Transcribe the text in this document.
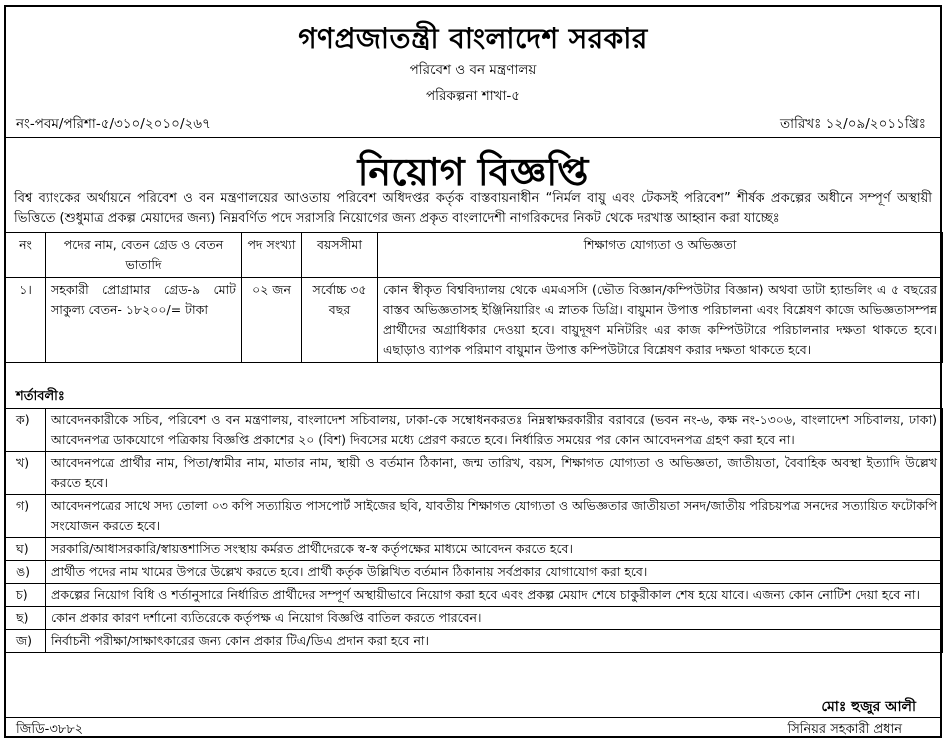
গণপ্রজাতন্ত্রী বাংলাদেশ সরকার
পরিবেশ ও বন মন্ত্রণালয়
পরিকল্পনা শাখা-৫
নং-পবম/পরিশা-৫/৩১০/২০১০/২৬৭	তারিখঃ ১২/০৯/২০১১খ্রিঃ
নিয়োগ বিজ্ঞপ্তি
বিশ্ব ব্যাংকের অর্থায়নে পরিবেশ ও বন মন্ত্রণালয়ের আওতায় পরিবেশ অধিদপ্তর কর্তৃক বাস্তবায়নাধীন “নির্মল বায়ু এবং টেকসই পরিবেশ” শীর্ষক প্রকল্পের অধীনে সম্পূর্ণ অস্থায়ী ভিত্তিতে (শুধুমাত্র প্রকল্প মেয়াদের জন্য) নিম্নবর্ণিত পদে সরাসরি নিয়োগের জন্য প্রকৃত বাংলাদেশী নাগরিকদের নিকট থেকে দরখাস্ত আহ্বান করা যাচ্ছেঃ
নং	পদের নাম, বেতন গ্রেড ও বেতন ভাতাদি	পদ সংখ্যা	বয়সসীমা	শিক্ষাগত যোগ্যতা ও অভিজ্ঞতা
১।	সহকারী প্রোগ্রামার গ্রেড-৯ মোট সাকুল্য বেতন- ১৮২০০/= টাকা	০২ জন	সর্বোচ্চ ৩৫ বছর	কোন স্বীকৃত বিশ্ববিদ্যালয় থেকে এমএসসি (ভৌত বিজ্ঞান/কম্পিউটার বিজ্ঞান) অথবা ডাটা হ্যান্ডলিং এ ৫ বছরের বাস্তব অভিজ্ঞতাসহ ইঞ্জিনিয়ারিং এ স্নাতক ডিগ্রি। বায়ুমান উপাত্ত পরিচালনা এবং বিশ্লেষণ কাজে অভিজ্ঞতাসম্পন্ন প্রার্থীদের অগ্রাধিকার দেওয়া হবে। বায়ুদূষণ মনিটরিং এর কাজ কম্পিউটারে পরিচালনার দক্ষতা থাকতে হবে। এছাড়াও ব্যাপক পরিমাণ বায়ুমান উপাত্ত কম্পিউটারে বিশ্লেষণ করার দক্ষতা থাকতে হবে।
শর্তাবলীঃ
ক)	আবেদনকারীকে সচিব, পরিবেশ ও বন মন্ত্রণালয়, বাংলাদেশ সচিবালয়, ঢাকা-কে সম্বোধনকরতঃ নিম্নস্বাক্ষরকারীর বরাবরে (ভবন নং-৬, কক্ষ নং-১৩০৬, বাংলাদেশ সচিবালয়, ঢাকা) আবেদনপত্র ডাকযোগে পত্রিকায় বিজ্ঞপ্তি প্রকাশের ২০ (বিশ) দিবসের মধ্যে প্রেরণ করতে হবে। নির্ধারিত সময়ের পর কোন আবেদনপত্র গ্রহণ করা হবে না।
খ)	আবেদনপত্রে প্রার্থীর নাম, পিতা/স্বামীর নাম, মাতার নাম, স্থায়ী ও বর্তমান ঠিকানা, জন্ম তারিখ, বয়স, শিক্ষাগত যোগ্যতা ও অভিজ্ঞতা, জাতীয়তা, বৈবাহিক অবস্থা ইত্যাদি উল্লেখ করতে হবে।
গ)	আবেদনপত্রের সাথে সদ্য তোলা ০৩ কপি সত্যায়িত পাসপোর্ট সাইজের ছবি, যাবতীয় শিক্ষাগত যোগ্যতা ও অভিজ্ঞতার জাতীয়তা সনদ/জাতীয় পরিচয়পত্র সনদের সত্যায়িত ফটোকপি সংযোজন করতে হবে।
ঘ)	সরকারি/আধাসরকারি/স্বায়ত্তশাসিত সংস্থায় কর্মরত প্রার্থীদেরকে স্ব-স্ব কর্তৃপক্ষের মাধ্যমে আবেদন করতে হবে।
ঙ)	প্রার্থীত পদের নাম খামের উপরে উল্লেখ করতে হবে। প্রার্থী কর্তৃক উল্লিখিত বর্তমান ঠিকানায় সর্বপ্রকার যোগাযোগ করা হবে।
চ)	প্রকল্পের নিয়োগ বিধি ও শর্তানুসারে নির্ধারিত প্রার্থীদের সম্পূর্ণ অস্থায়ীভাবে নিয়োগ করা হবে এবং প্রকল্প মেয়াদ শেষে চাকুরীকাল শেষ হয়ে যাবে। এজন্য কোন নোটিশ দেয়া হবে না।
ছ)	কোন প্রকার কারণ দর্শানো ব্যতিরেকে কর্তৃপক্ষ এ নিয়োগ বিজ্ঞপ্তি বাতিল করতে পারবেন।
জ)	নির্বাচনী পরীক্ষা/সাক্ষাৎকারের জন্য কোন প্রকার টিএ/ডিএ প্রদান করা হবে না।
মোঃ হুজুর আলী
জিডি-৩৮৮২	সিনিয়র সহকারী প্রধান
